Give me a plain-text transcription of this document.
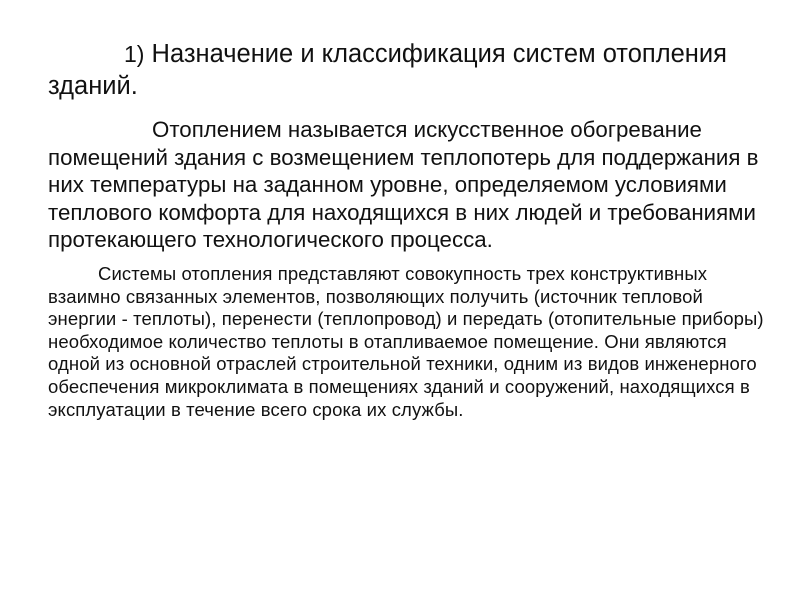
1) Назначение и классификация систем отопления зданий.

Отоплением называется искусственное обогревание помещений здания с возмещением теплопотерь для поддержания в них температуры на заданном уровне, определяемом условиями теплового комфорта для находящихся в них людей и требованиями протекающего технологического процесса.

Системы отопления представляют совокупность трех конструктивных взаимно связанных элементов, позволяющих получить (источник тепловой энергии - теплоты), перенести (теплопровод) и передать (отопительные приборы) необходимое количество теплоты в отапливаемое помещение. Они являются одной из основной отраслей строительной техники, одним из видов инженерного обеспечения микроклимата в помещениях зданий и сооружений, находящихся в эксплуатации в течение всего срока их службы.
